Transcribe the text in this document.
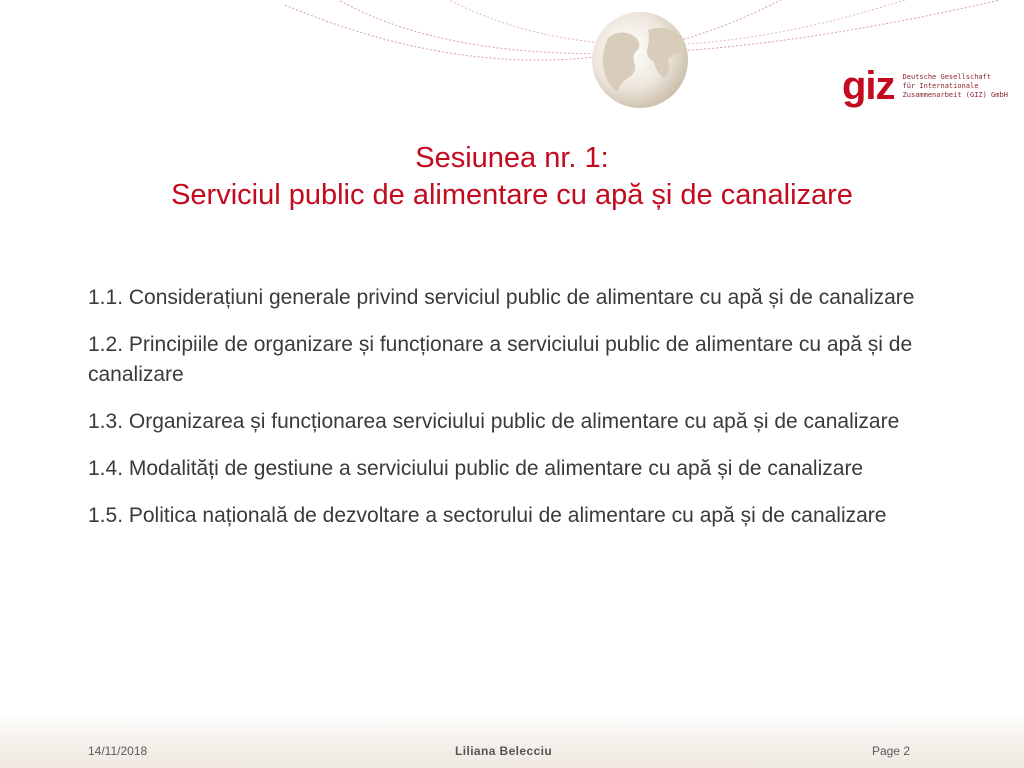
giz Deutsche Gesellschaft
für Internationale
Zusammenarbeit (GIZ) GmbH
Sesiunea nr. 1:
Serviciul public de alimentare cu apă și de canalizare
1.1. Considerațiuni generale privind serviciul public de alimentare cu apă și de canalizare
1.2. Principiile de organizare și funcționare a serviciului public de alimentare cu apă și de canalizare
1.3. Organizarea și funcționarea serviciului public de alimentare cu apă și de canalizare
1.4. Modalități de gestiune a serviciului public de alimentare cu apă și de canalizare
1.5. Politica națională de dezvoltare a sectorului de alimentare cu apă și de canalizare
14/11/2018	Liliana Belecciu	Page 2
